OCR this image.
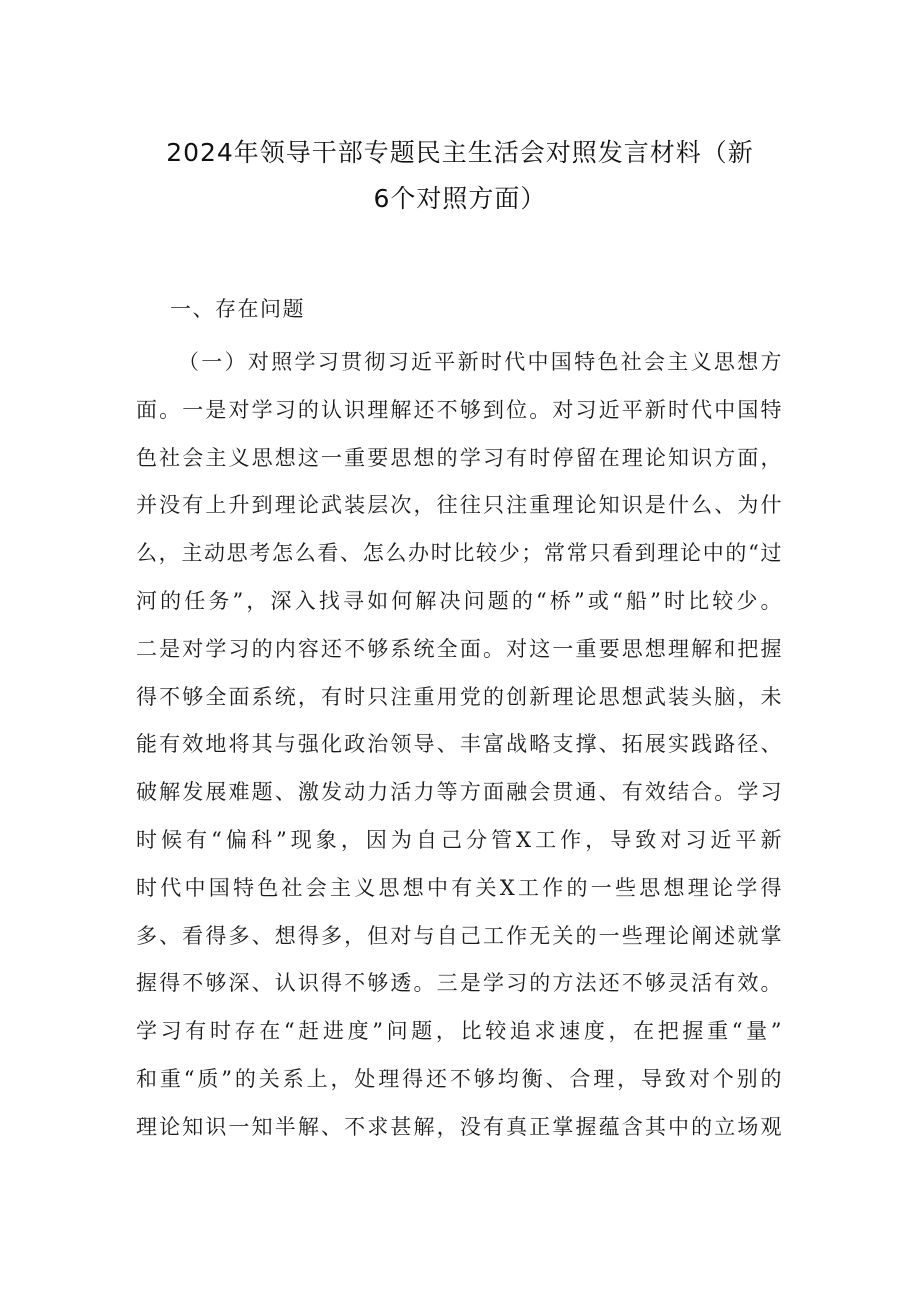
2024年领导干部专题民主生活会对照发言材料（新
6个对照方面）
一、存在问题
（一）对照学习贯彻习近平新时代中国特色社会主义思想方
面。一是对学习的认识理解还不够到位。对习近平新时代中国特
色社会主义思想这一重要思想的学习有时停留在理论知识方面，
并没有上升到理论武装层次，往往只注重理论知识是什么、为什
么，主动思考怎么看、怎么办时比较少；常常只看到理论中的“过
河的任务”，深入找寻如何解决问题的“桥”或“船”时比较少。
二是对学习的内容还不够系统全面。对这一重要思想理解和把握
得不够全面系统，有时只注重用党的创新理论思想武装头脑，未
能有效地将其与强化政治领导、丰富战略支撑、拓展实践路径、
破解发展难题、激发动力活力等方面融会贯通、有效结合。学习
时候有“偏科”现象，因为自己分管X工作，导致对习近平新
时代中国特色社会主义思想中有关X工作的一些思想理论学得
多、看得多、想得多，但对与自己工作无关的一些理论阐述就掌
握得不够深、认识得不够透。三是学习的方法还不够灵活有效。
学习有时存在“赶进度”问题，比较追求速度，在把握重“量”
和重“质”的关系上，处理得还不够均衡、合理，导致对个别的
理论知识一知半解、不求甚解，没有真正掌握蕴含其中的立场观
